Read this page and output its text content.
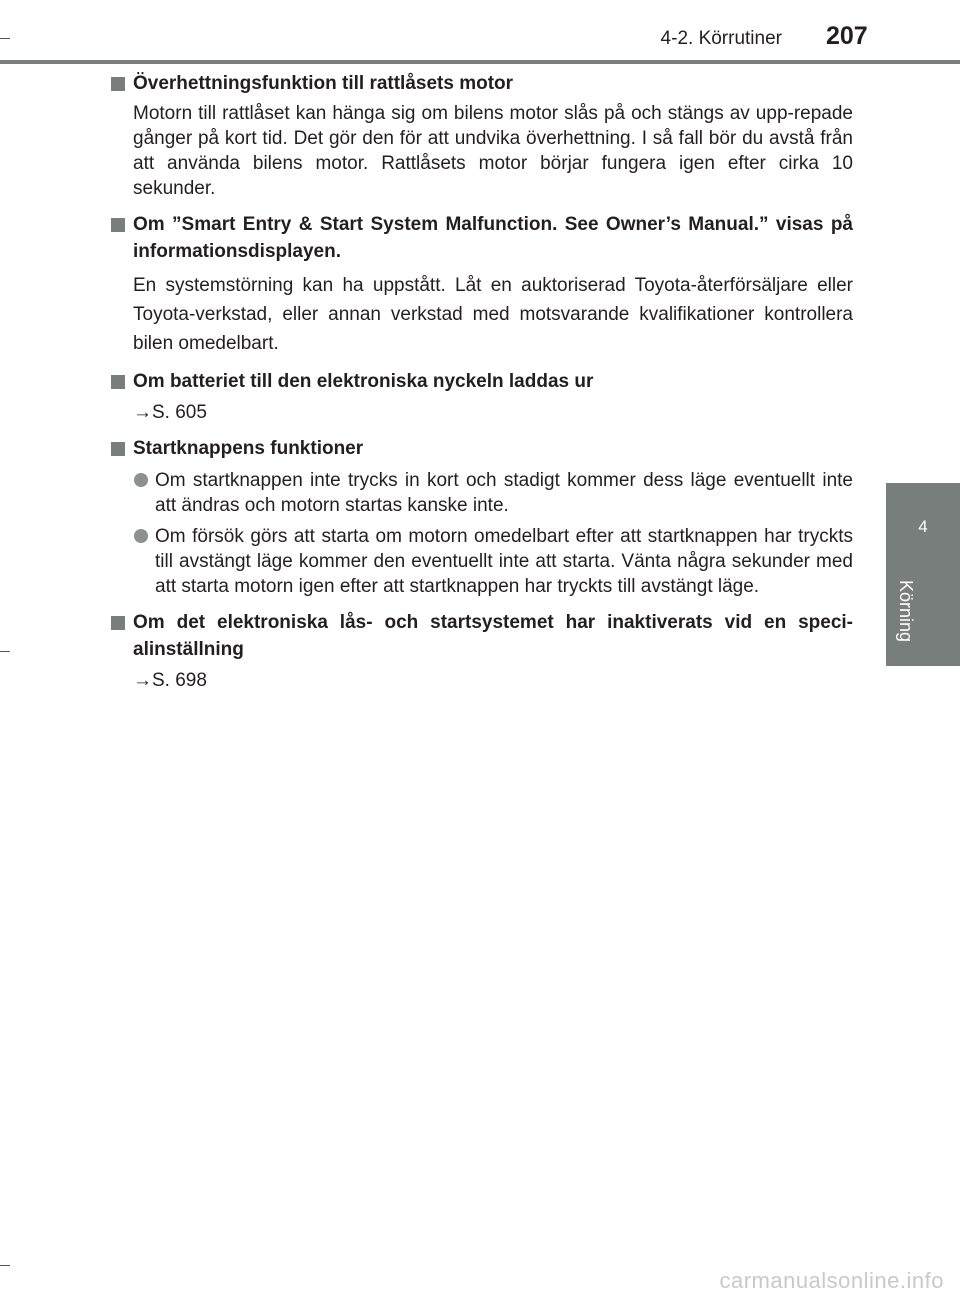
4-2. Körrutiner 207
4
Körning
Överhettningsfunktion till rattlåsets motor
Motorn till rattlåset kan hänga sig om bilens motor slås på och stängs av upp-repade gånger på kort tid. Det gör den för att undvika överhettning. I så fall bör du avstå från att använda bilens motor. Rattlåsets motor börjar fungera igen efter cirka 10 sekunder.
Om ”Smart Entry & Start System Malfunction. See Owner’s Manual.” visas på informationsdisplayen.
En systemstörning kan ha uppstått. Låt en auktoriserad Toyota-återförsäljare eller Toyota-verkstad, eller annan verkstad med motsvarande kvalifikationer kontrollera bilen omedelbart.
Om batteriet till den elektroniska nyckeln laddas ur
→S. 605
Startknappens funktioner
Om startknappen inte trycks in kort och stadigt kommer dess läge eventuellt inte att ändras och motorn startas kanske inte.
Om försök görs att starta om motorn omedelbart efter att startknappen har tryckts till avstängt läge kommer den eventuellt inte att starta. Vänta några sekunder med att starta motorn igen efter att startknappen har tryckts till avstängt läge.
Om det elektroniska lås- och startsystemet har inaktiverats vid en speci-alinställning
→S. 698
carmanualsonline.info
